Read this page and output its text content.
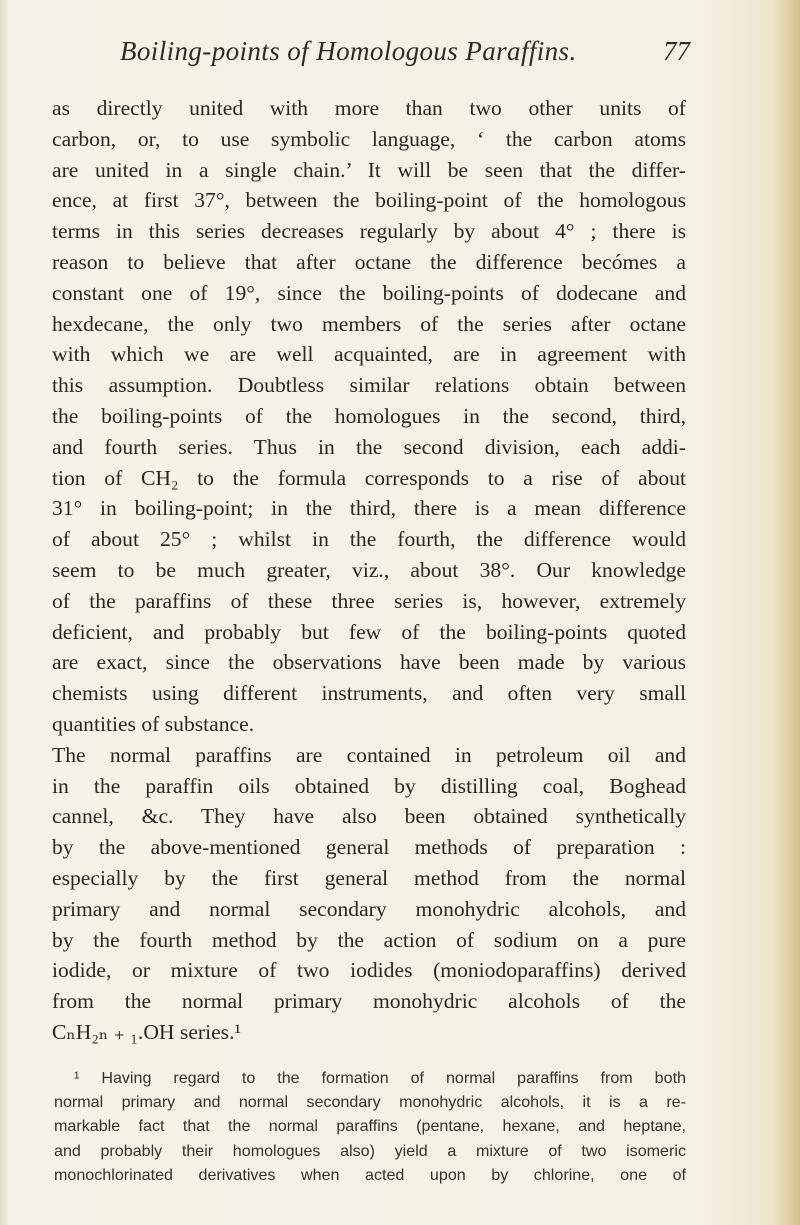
Boiling-points of Homologous Paraffins.	77
as directly united with more than two other units of
carbon, or, to use symbolic language, ‘ the carbon atoms
are united in a single chain.’ It will be seen that the differ-
ence, at first 37°, between the boiling-point of the homologous
terms in this series decreases regularly by about 4° ; there is
reason to believe that after octane the difference becómes a
constant one of 19°, since the boiling-points of dodecane and
hexdecane, the only two members of the series after octane
with which we are well acquainted, are in agreement with
this assumption. Doubtless similar relations obtain between
the boiling-points of the homologues in the second, third,
and fourth series. Thus in the second division, each addi-
tion of CH₂ to the formula corresponds to a rise of about
31° in boiling-point; in the third, there is a mean difference
of about 25° ; whilst in the fourth, the difference would
seem to be much greater, viz., about 38°. Our knowledge
of the paraffins of these three series is, however, extremely
deficient, and probably but few of the boiling-points quoted
are exact, since the observations have been made by various
chemists using different instruments, and often very small
quantities of substance.
The normal paraffins are contained in petroleum oil and
in the paraffin oils obtained by distilling coal, Boghead
cannel, &c. They have also been obtained synthetically
by the above-mentioned general methods of preparation :
especially by the first general method from the normal
primary and normal secondary monohydric alcohols, and
by the fourth method by the action of sodium on a pure
iodide, or mixture of two iodides (moniodoparaffins) derived
from the normal primary monohydric alcohols of the
CₙH₂ₙ ₊ ₁.OH series.¹
¹ Having regard to the formation of normal paraffins from both
normal primary and normal secondary monohydric alcohols, it is a re-
markable fact that the normal paraffins (pentane, hexane, and heptane,
and probably their homologues also) yield a mixture of two isomeric
monochlorinated derivatives when acted upon by chlorine, one of
